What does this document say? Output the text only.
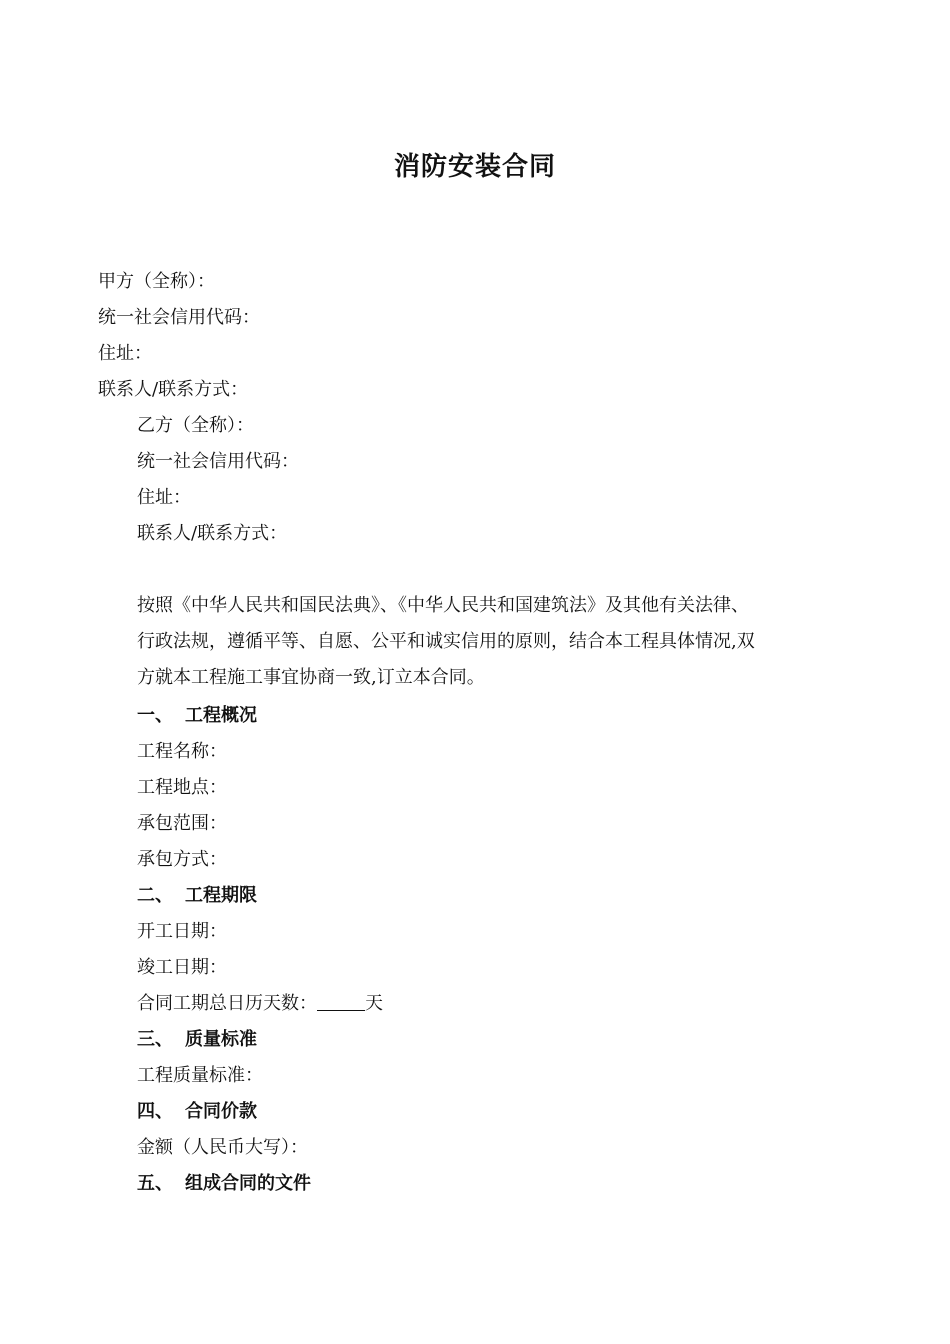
消防安装合同
甲方（全称）：
统一社会信用代码：
住址：
联系人/联系方式：
乙方（全称）：
统一社会信用代码：
住址：
联系人/联系方式：
按照《中华人民共和国民法典》、《中华人民共和国建筑法》及其他有关法律、
行政法规，遵循平等、自愿、公平和诚实信用的原则，结合本工程具体情况,双
方就本工程施工事宜协商一致,订立本合同。
一、 工程概况
工程名称：
工程地点：
承包范围：
承包方式：
二、 工程期限
开工日期：
竣工日期：
合同工期总日历天数：	天
三、 质量标准
工程质量标准：
四、 合同价款
金额（人民币大写）：
五、 组成合同的文件
